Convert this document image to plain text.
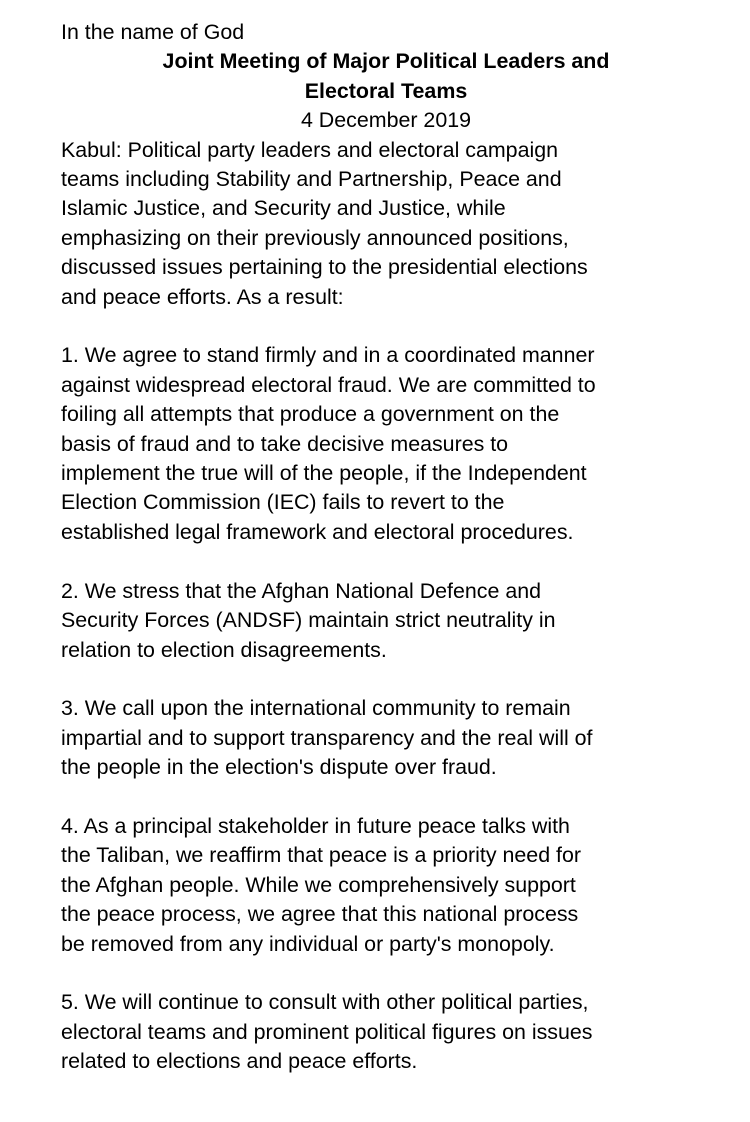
In the name of God

Joint Meeting of Major Political Leaders and
Electoral Teams

4 December 2019

Kabul: Political party leaders and electoral campaign
teams including Stability and Partnership, Peace and
Islamic Justice, and Security and Justice, while
emphasizing on their previously announced positions,
discussed issues pertaining to the presidential elections
and peace efforts. As a result:
1. We agree to stand firmly and in a coordinated manner
against widespread electoral fraud. We are committed to
foiling all attempts that produce a government on the
basis of fraud and to take decisive measures to
implement the true will of the people, if the Independent
Election Commission (IEC) fails to revert to the
established legal framework and electoral procedures.
2. We stress that the Afghan National Defence and
Security Forces (ANDSF) maintain strict neutrality in
relation to election disagreements.
3. We call upon the international community to remain
impartial and to support transparency and the real will of
the people in the election's dispute over fraud.
4. As a principal stakeholder in future peace talks with
the Taliban, we reaffirm that peace is a priority need for
the Afghan people. While we comprehensively support
the peace process, we agree that this national process
be removed from any individual or party's monopoly.
5. We will continue to consult with other political parties,
electoral teams and prominent political figures on issues
related to elections and peace efforts.
